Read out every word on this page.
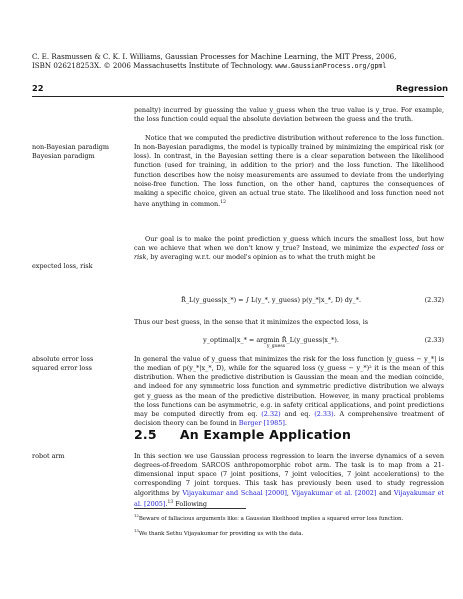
C. E. Rasmussen & C. K. I. Williams, Gaussian Processes for Machine Learning, the MIT Press, 2006,
ISBN 026218253X. © 2006 Massachusetts Institute of Technology. www.GaussianProcess.org/gpml
22	Regression

penalty) incurred by guessing the value y_guess when the true value is y_true. For example, the loss function could equal the absolute deviation between the guess and the truth.

Notice that we computed the predictive distribution without reference to the loss function. In non-Bayesian paradigms, the model is typically trained by minimizing the empirical risk (or loss). In contrast, in the Bayesian setting there is a clear separation between the likelihood function (used for training, in addition to the prior) and the loss function. The likelihood function describes how the noisy measurements are assumed to deviate from the underlying noise-free function. The loss function, on the other hand, captures the consequences of making a specific choice, given an actual true state. The likelihood and loss function need not have anything in common.$^{12}$

non-Bayesian paradigm
Bayesian paradigm

Our goal is to make the point prediction y_guess which incurs the smallest loss, but how can we achieve that when we don't know y_true? Instead, we minimize the expected loss or risk, by averaging w.r.t. our model's opinion as to what the truth might be

expected loss, risk
R̃_L(y_guess|x_*) = ∫ L(y_*, y_guess) p(y_*|x_*, D) dy_*.	(2.32)

Thus our best guess, in the sense that it minimizes the expected loss, is

y_optimal|x_* = argmin R̃_L(y_guess|x_*).
y_guess
(2.33)

In general the value of y_guess that minimizes the risk for the loss function |y_guess − y_*| is the median of p(y_*|x_*, D), while for the squared loss (y_guess − y_*)² it is the mean of this distribution. When the predictive distribution is Gaussian the mean and the median coincide, and indeed for any symmetric loss function and symmetric predictive distribution we always get y_guess as the mean of the predictive distribution. However, in many practical problems the loss functions can be asymmetric, e.g. in safety critical applications, and point predictions may be computed directly from eq. (2.32) and eq. (2.33). A comprehensive treatment of decision theory can be found in Berger [1985].

absolute error loss
squared error loss
2.5 An Example Application

In this section we use Gaussian process regression to learn the inverse dynamics of a seven degrees-of-freedom SARCOS anthropomorphic robot arm. The task is to map from a 21-dimensional input space (7 joint positions, 7 joint velocities, 7 joint accelerations) to the corresponding 7 joint torques. This task has previously been used to study regression algorithms by Vijayakumar and Schaal [2000], Vijayakumar et al. [2002] and Vijayakumar et al. [2005].$^{13}$ Following

robot arm
$^{12}$Beware of fallacious arguments like: a Gaussian likelihood implies a squared error loss function.
$^{13}$We thank Sethu Vijayakumar for providing us with the data.
